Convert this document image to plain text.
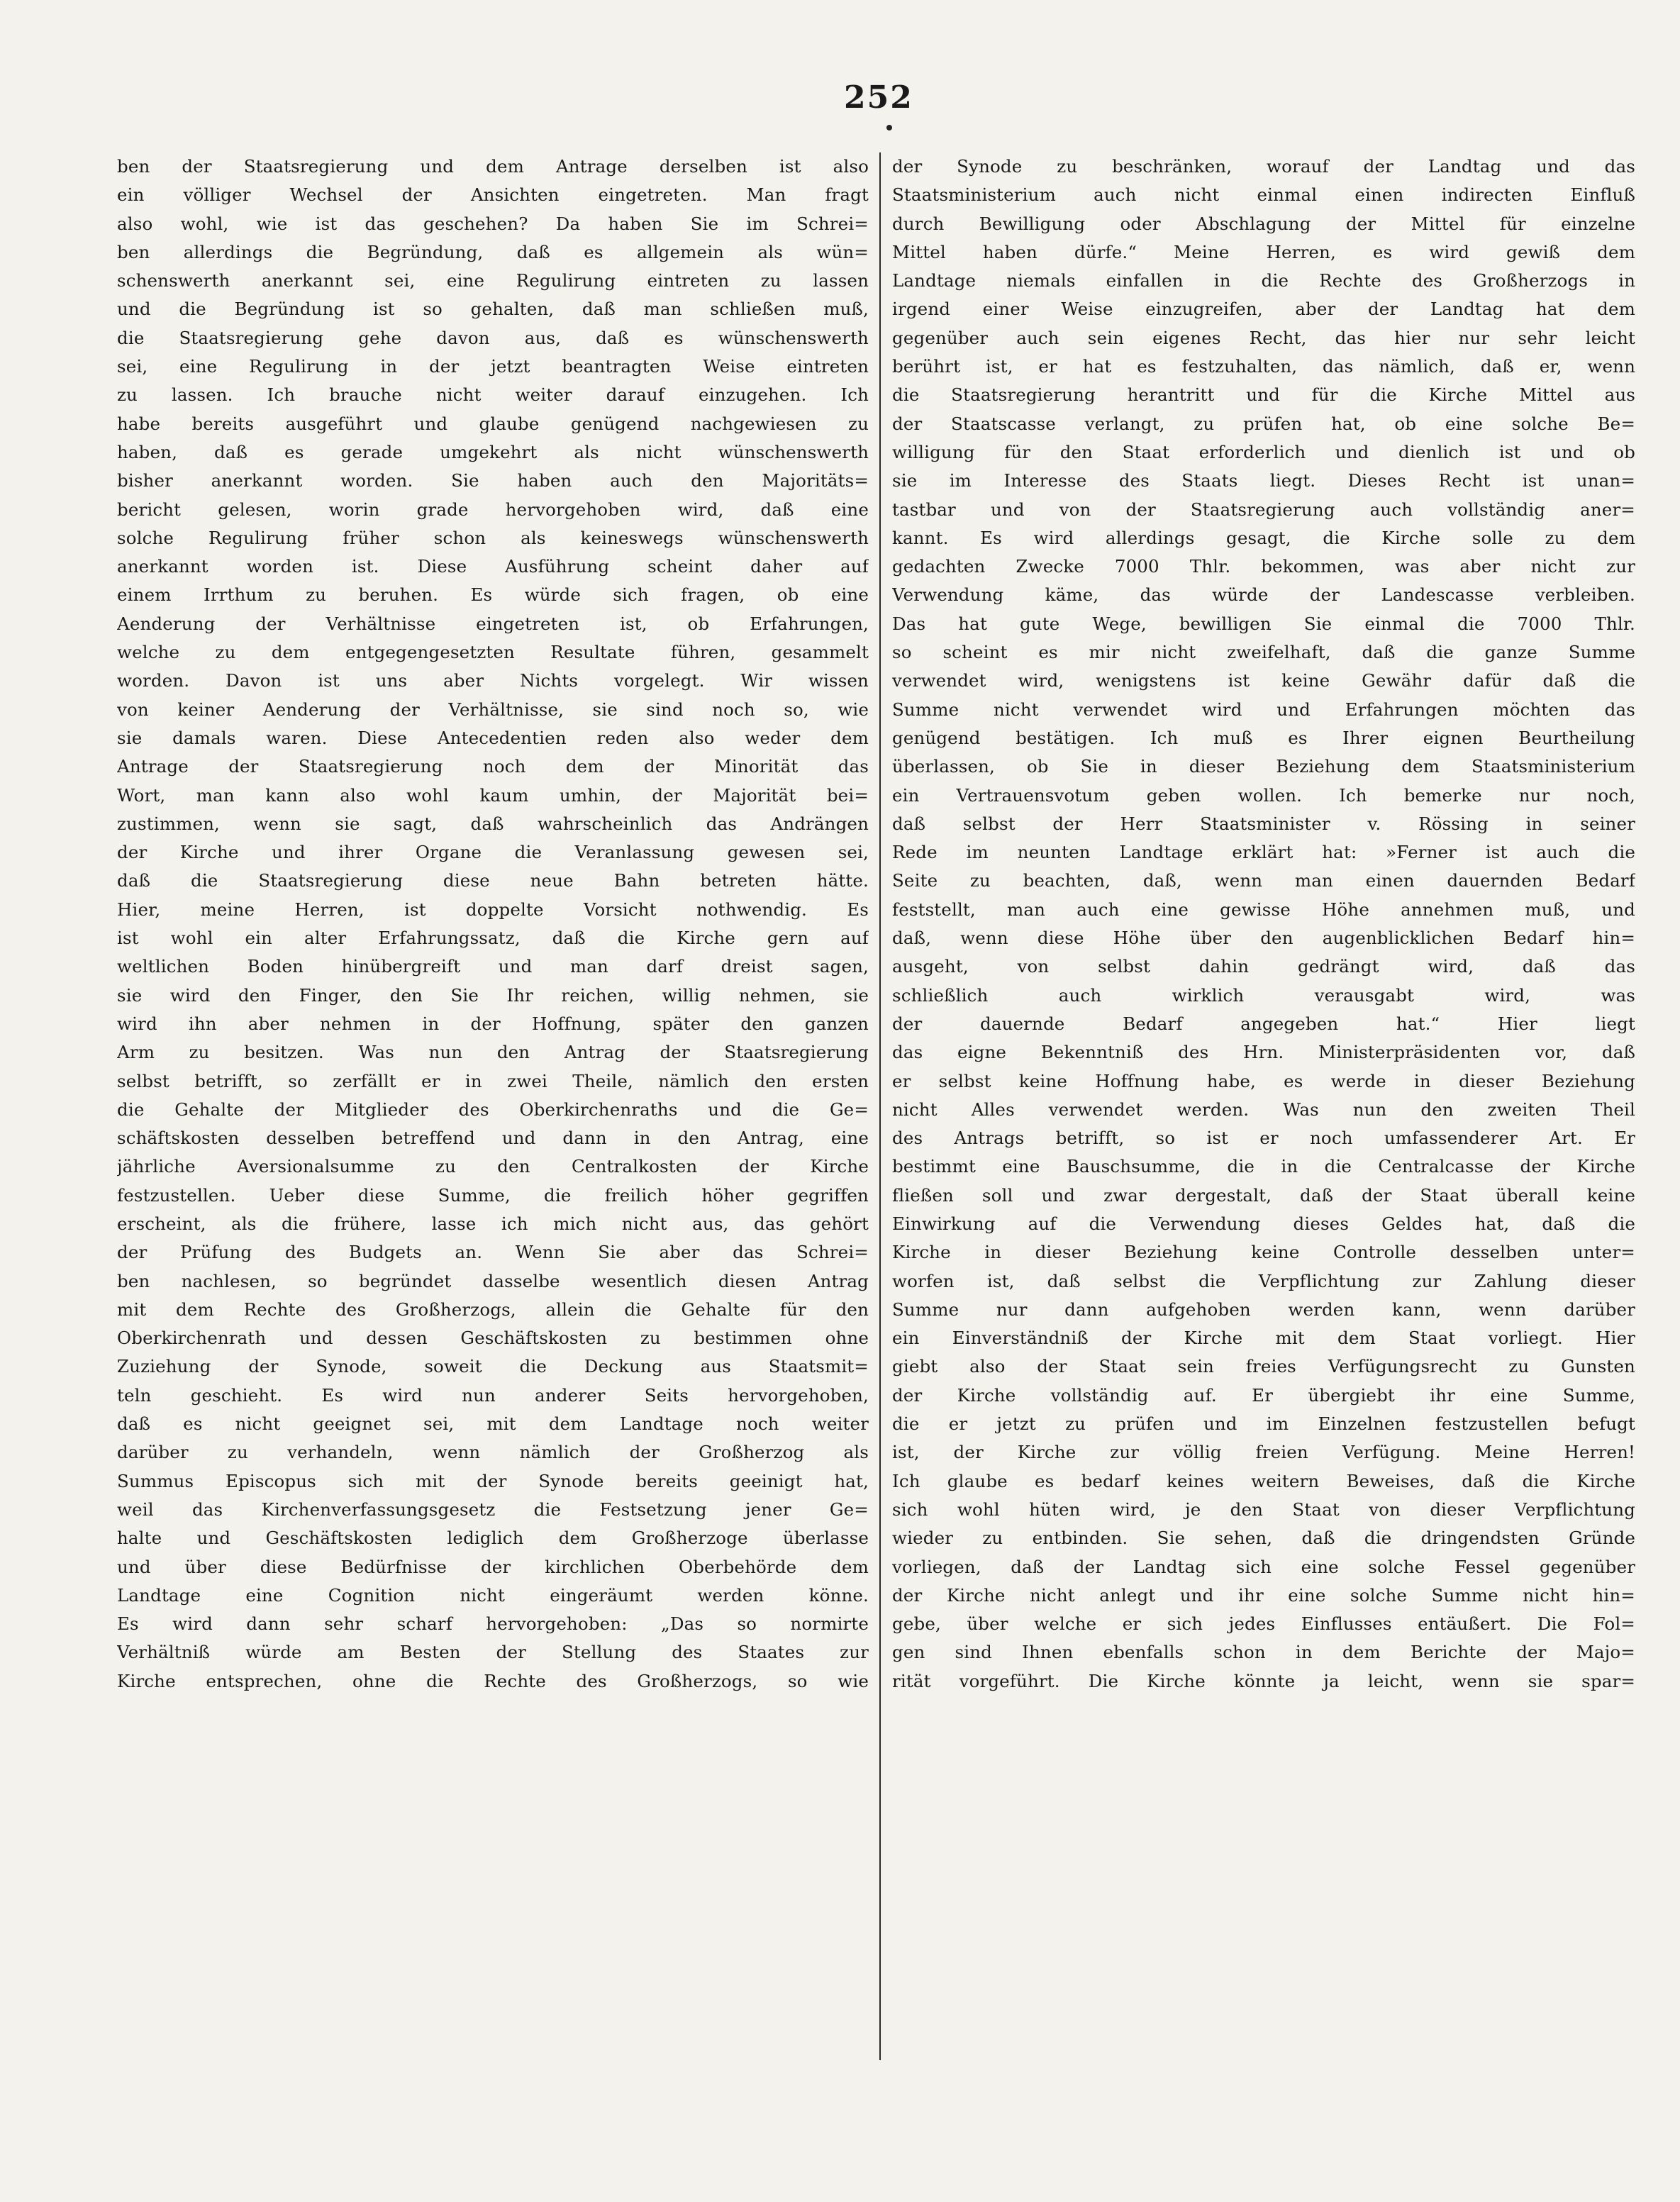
252
ben der Staatsregierung und dem Antrage derselben ist also
ein völliger Wechsel der Ansichten eingetreten. Man fragt
also wohl, wie ist das geschehen? Da haben Sie im Schrei=
ben allerdings die Begründung, daß es allgemein als wün=
schenswerth anerkannt sei, eine Regulirung eintreten zu lassen
und die Begründung ist so gehalten, daß man schließen muß,
die Staatsregierung gehe davon aus, daß es wünschenswerth
sei, eine Regulirung in der jetzt beantragten Weise eintreten
zu lassen. Ich brauche nicht weiter darauf einzugehen. Ich
habe bereits ausgeführt und glaube genügend nachgewiesen zu
haben, daß es gerade umgekehrt als nicht wünschenswerth
bisher anerkannt worden. Sie haben auch den Majoritäts=
bericht gelesen, worin grade hervorgehoben wird, daß eine
solche Regulirung früher schon als keineswegs wünschenswerth
anerkannt worden ist. Diese Ausführung scheint daher auf
einem Irrthum zu beruhen. Es würde sich fragen, ob eine
Aenderung der Verhältnisse eingetreten ist, ob Erfahrungen,
welche zu dem entgegengesetzten Resultate führen, gesammelt
worden. Davon ist uns aber Nichts vorgelegt. Wir wissen
von keiner Aenderung der Verhältnisse, sie sind noch so, wie
sie damals waren. Diese Antecedentien reden also weder dem
Antrage der Staatsregierung noch dem der Minorität das
Wort, man kann also wohl kaum umhin, der Majorität bei=
zustimmen, wenn sie sagt, daß wahrscheinlich das Andrängen
der Kirche und ihrer Organe die Veranlassung gewesen sei,
daß die Staatsregierung diese neue Bahn betreten hätte.
Hier, meine Herren, ist doppelte Vorsicht nothwendig. Es
ist wohl ein alter Erfahrungssatz, daß die Kirche gern auf
weltlichen Boden hinübergreift und man darf dreist sagen,
sie wird den Finger, den Sie Ihr reichen, willig nehmen, sie
wird ihn aber nehmen in der Hoffnung, später den ganzen
Arm zu besitzen. Was nun den Antrag der Staatsregierung
selbst betrifft, so zerfällt er in zwei Theile, nämlich den ersten
die Gehalte der Mitglieder des Oberkirchenraths und die Ge=
schäftskosten desselben betreffend und dann in den Antrag, eine
jährliche Aversionalsumme zu den Centralkosten der Kirche
festzustellen. Ueber diese Summe, die freilich höher gegriffen
erscheint, als die frühere, lasse ich mich nicht aus, das gehört
der Prüfung des Budgets an. Wenn Sie aber das Schrei=
ben nachlesen, so begründet dasselbe wesentlich diesen Antrag
mit dem Rechte des Großherzogs, allein die Gehalte für den
Oberkirchenrath und dessen Geschäftskosten zu bestimmen ohne
Zuziehung der Synode, soweit die Deckung aus Staatsmit=
teln geschieht. Es wird nun anderer Seits hervorgehoben,
daß es nicht geeignet sei, mit dem Landtage noch weiter
darüber zu verhandeln, wenn nämlich der Großherzog als
Summus Episcopus sich mit der Synode bereits geeinigt hat,
weil das Kirchenverfassungsgesetz die Festsetzung jener Ge=
halte und Geschäftskosten lediglich dem Großherzoge überlasse
und über diese Bedürfnisse der kirchlichen Oberbehörde dem
Landtage eine Cognition nicht eingeräumt werden könne.
Es wird dann sehr scharf hervorgehoben: „Das so normirte
Verhältniß würde am Besten der Stellung des Staates zur
Kirche entsprechen, ohne die Rechte des Großherzogs, so wie
der Synode zu beschränken, worauf der Landtag und das
Staatsministerium auch nicht einmal einen indirecten Einfluß
durch Bewilligung oder Abschlagung der Mittel für einzelne
Mittel haben dürfe.“ Meine Herren, es wird gewiß dem
Landtage niemals einfallen in die Rechte des Großherzogs in
irgend einer Weise einzugreifen, aber der Landtag hat dem
gegenüber auch sein eigenes Recht, das hier nur sehr leicht
berührt ist, er hat es festzuhalten, das nämlich, daß er, wenn
die Staatsregierung herantritt und für die Kirche Mittel aus
der Staatscasse verlangt, zu prüfen hat, ob eine solche Be=
willigung für den Staat erforderlich und dienlich ist und ob
sie im Interesse des Staats liegt. Dieses Recht ist unan=
tastbar und von der Staatsregierung auch vollständig aner=
kannt. Es wird allerdings gesagt, die Kirche solle zu dem
gedachten Zwecke 7000 Thlr. bekommen, was aber nicht zur
Verwendung käme, das würde der Landescasse verbleiben.
Das hat gute Wege, bewilligen Sie einmal die 7000 Thlr.
so scheint es mir nicht zweifelhaft, daß die ganze Summe
verwendet wird, wenigstens ist keine Gewähr dafür daß die
Summe nicht verwendet wird und Erfahrungen möchten das
genügend bestätigen. Ich muß es Ihrer eignen Beurtheilung
überlassen, ob Sie in dieser Beziehung dem Staatsministerium
ein Vertrauensvotum geben wollen. Ich bemerke nur noch,
daß selbst der Herr Staatsminister v. Rössing in seiner
Rede im neunten Landtage erklärt hat: »Ferner ist auch die
Seite zu beachten, daß, wenn man einen dauernden Bedarf
feststellt, man auch eine gewisse Höhe annehmen muß, und
daß, wenn diese Höhe über den augenblicklichen Bedarf hin=
ausgeht, von selbst dahin gedrängt wird, daß das
schließlich auch wirklich verausgabt wird, was
der dauernde Bedarf angegeben hat.“ Hier liegt
das eigne Bekenntniß des Hrn. Ministerpräsidenten vor, daß
er selbst keine Hoffnung habe, es werde in dieser Beziehung
nicht Alles verwendet werden. Was nun den zweiten Theil
des Antrags betrifft, so ist er noch umfassenderer Art. Er
bestimmt eine Bauschsumme, die in die Centralcasse der Kirche
fließen soll und zwar dergestalt, daß der Staat überall keine
Einwirkung auf die Verwendung dieses Geldes hat, daß die
Kirche in dieser Beziehung keine Controlle desselben unter=
worfen ist, daß selbst die Verpflichtung zur Zahlung dieser
Summe nur dann aufgehoben werden kann, wenn darüber
ein Einverständniß der Kirche mit dem Staat vorliegt. Hier
giebt also der Staat sein freies Verfügungsrecht zu Gunsten
der Kirche vollständig auf. Er übergiebt ihr eine Summe,
die er jetzt zu prüfen und im Einzelnen festzustellen befugt
ist, der Kirche zur völlig freien Verfügung. Meine Herren!
Ich glaube es bedarf keines weitern Beweises, daß die Kirche
sich wohl hüten wird, je den Staat von dieser Verpflichtung
wieder zu entbinden. Sie sehen, daß die dringendsten Gründe
vorliegen, daß der Landtag sich eine solche Fessel gegenüber
der Kirche nicht anlegt und ihr eine solche Summe nicht hin=
gebe, über welche er sich jedes Einflusses entäußert. Die Fol=
gen sind Ihnen ebenfalls schon in dem Berichte der Majo=
rität vorgeführt. Die Kirche könnte ja leicht, wenn sie spar=
